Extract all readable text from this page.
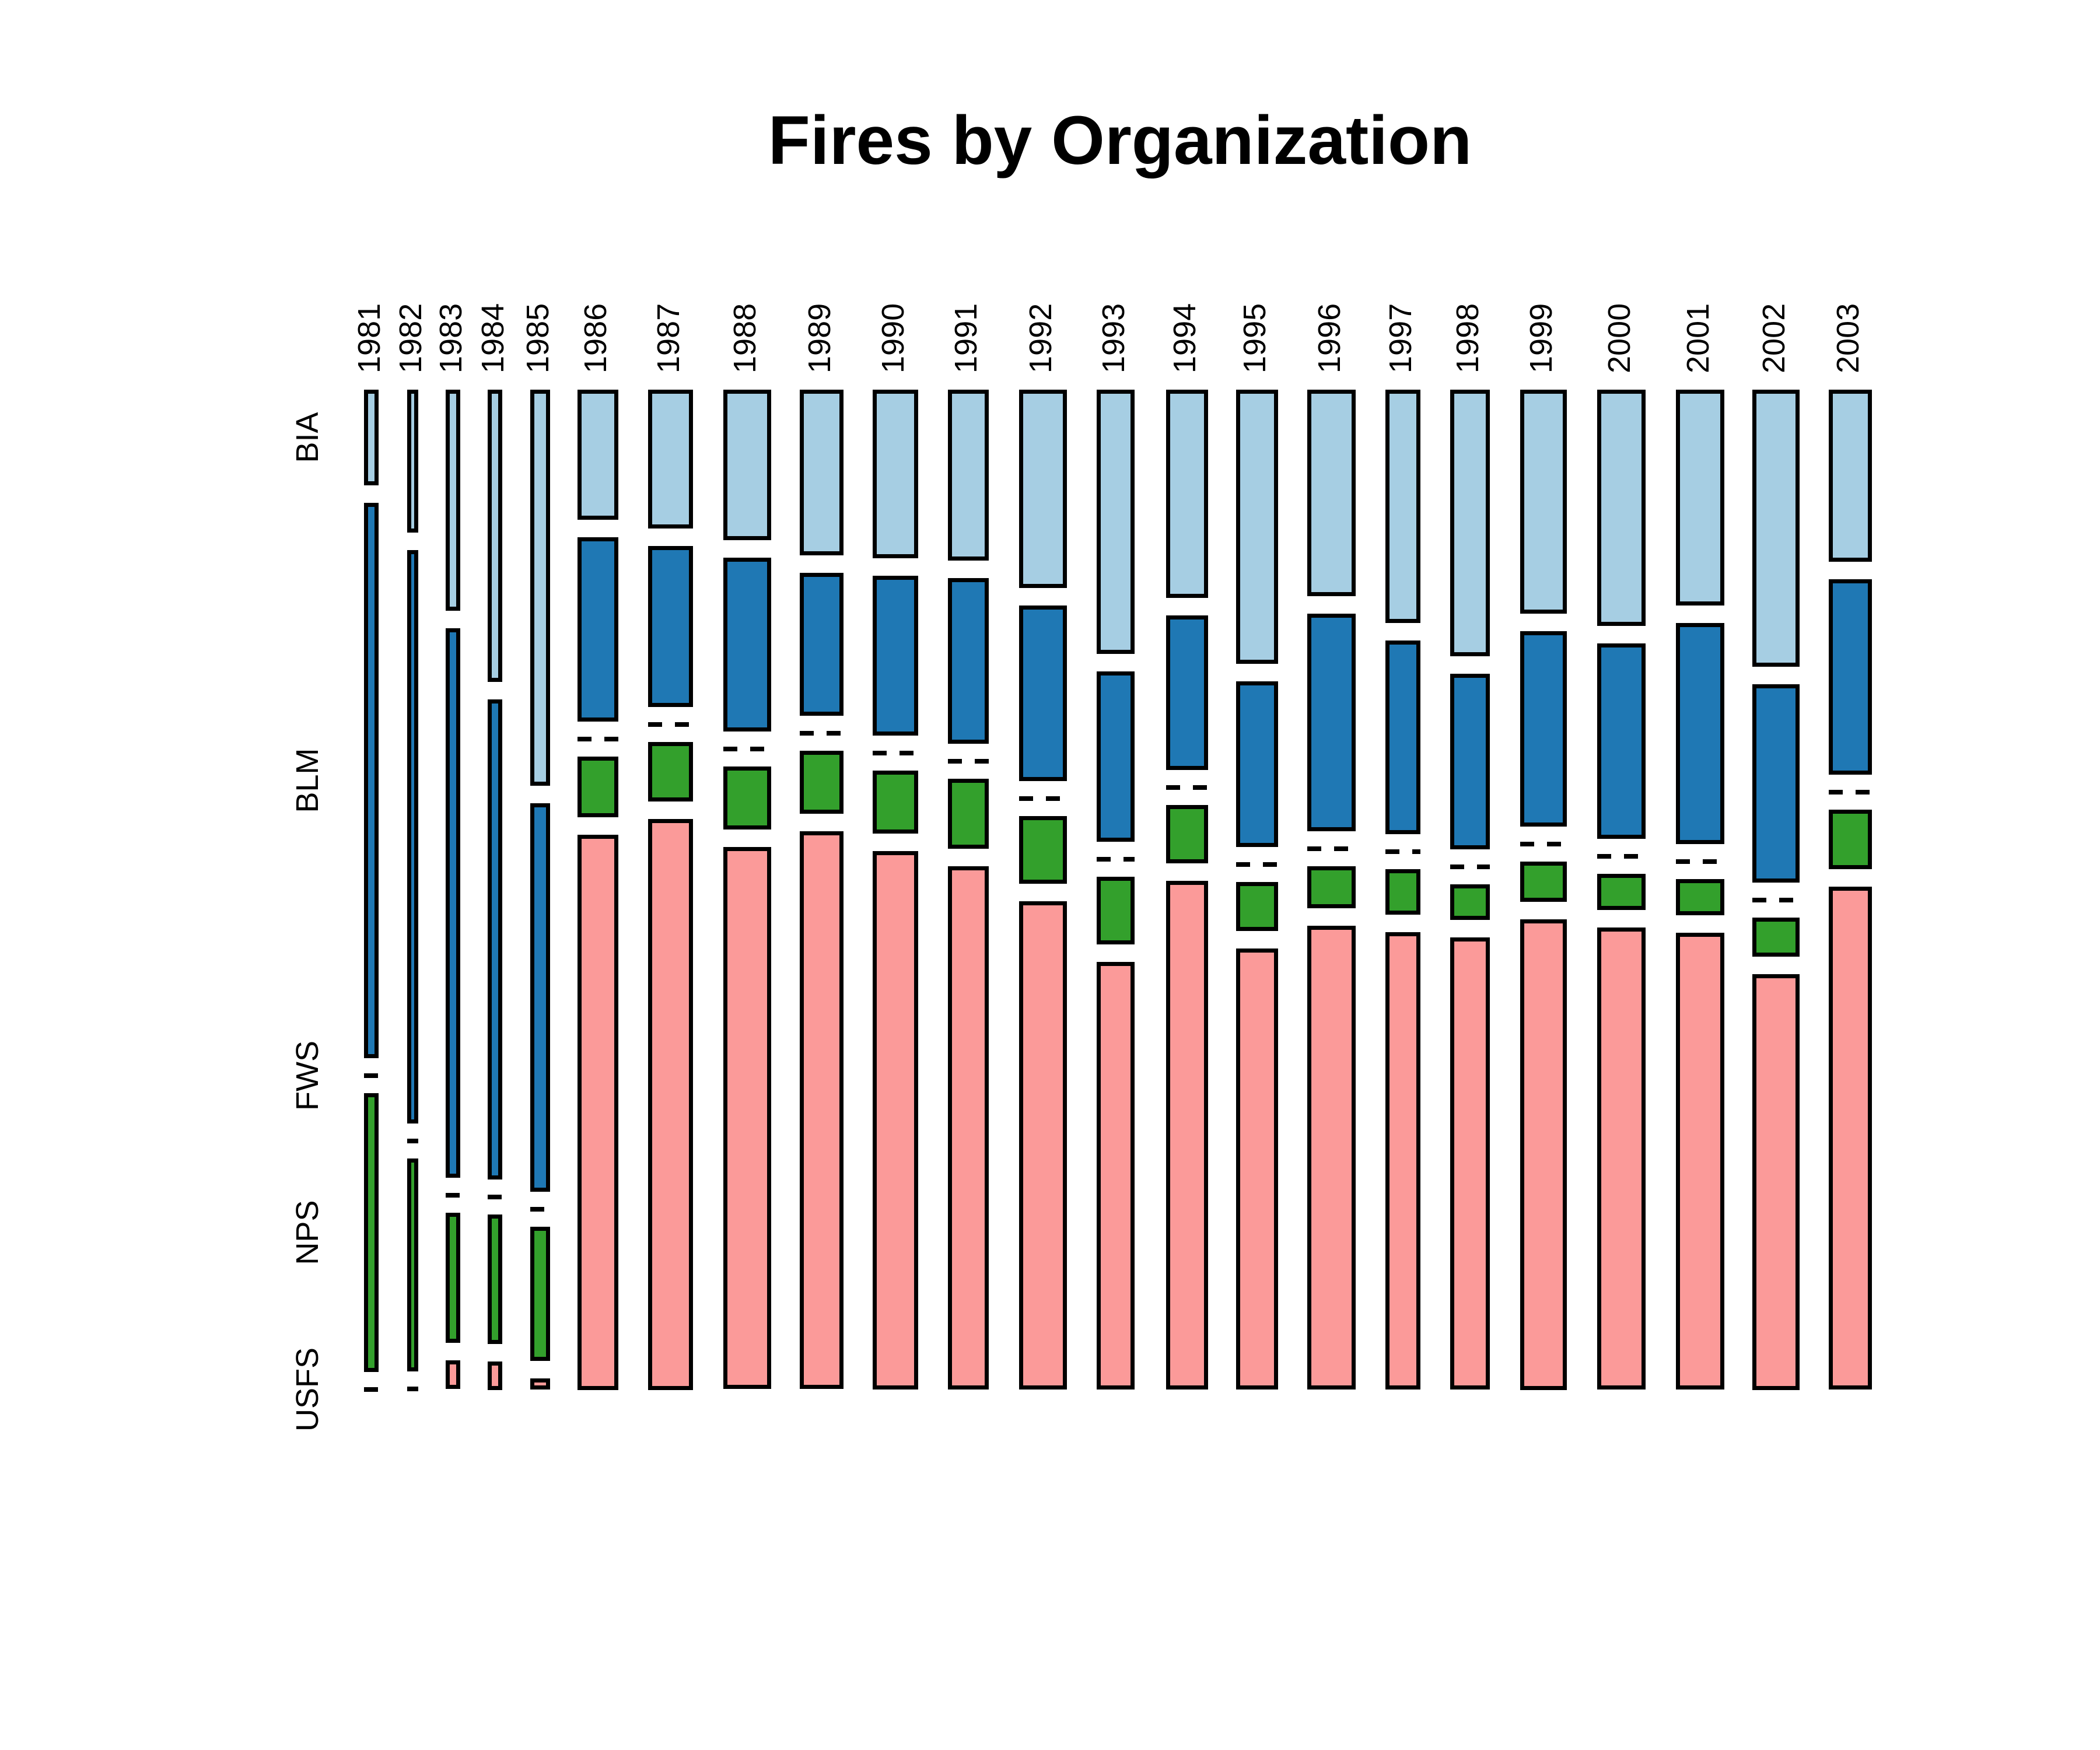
Fires by Organization
1981 1982 1983 1984 1985 1986 1987 1988 1989 1990 1991 1992 1993 1994 1995 1996 1997 1998 1999 2000 2001 2002 2003
BIA
BLM
FWS
NPS
USFS
